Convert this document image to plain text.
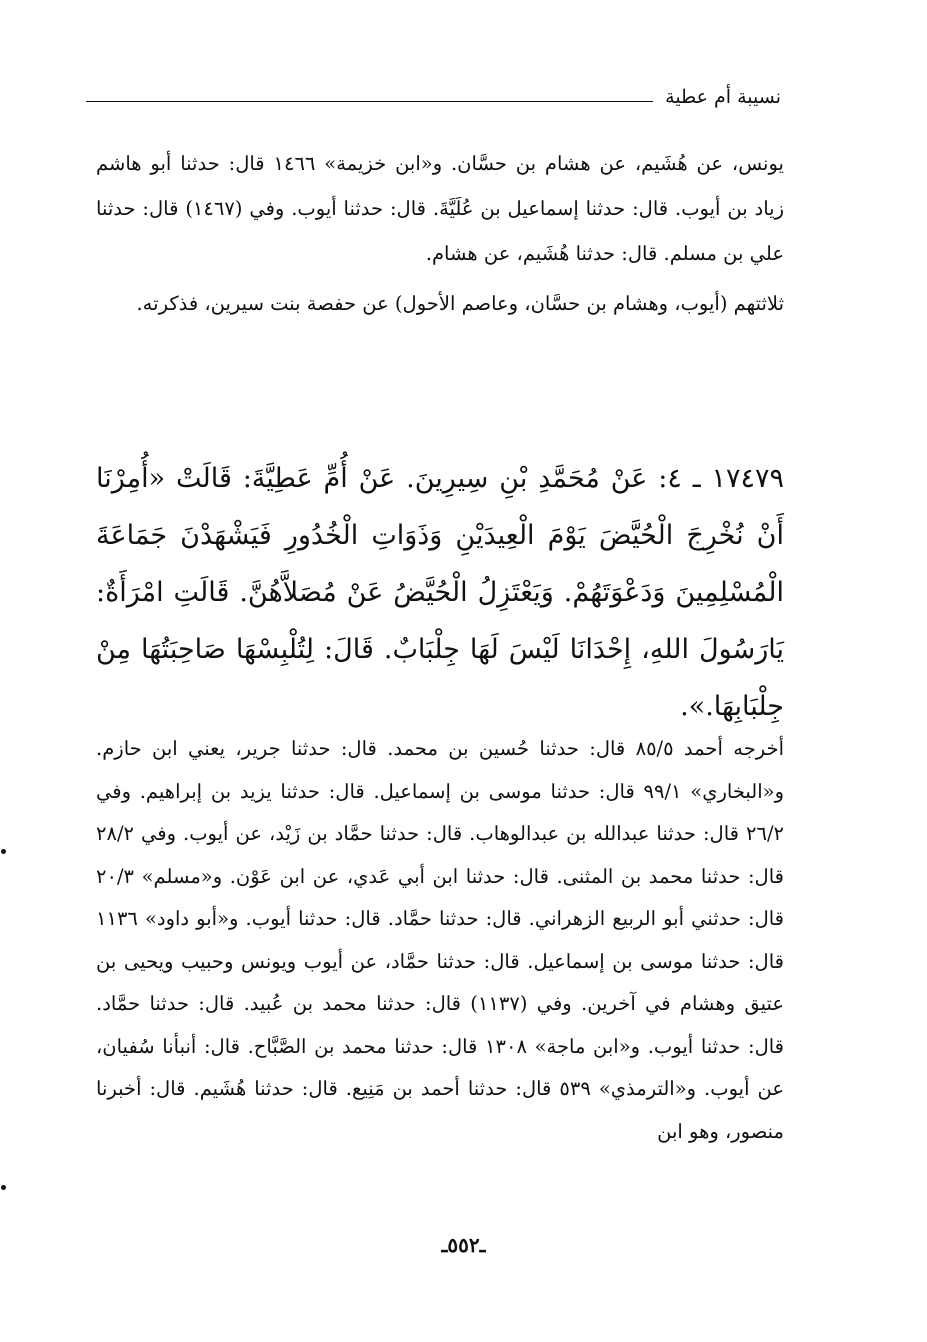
نسيبة أم عطية

يونس، عن هُشَيم، عن هشام بن حسَّان. و«ابن خزيمة» ١٤٦٦ قال: حدثنا أبو هاشم زياد بن أيوب. قال: حدثنا إسماعيل بن عُلَيَّةَ. قال: حدثنا أيوب. وفي (١٤٦٧) قال: حدثنا علي بن مسلم. قال: حدثنا هُشَيم، عن هشام.

ثلاثتهم (أيوب، وهشام بن حسَّان، وعاصم الأحول) عن حفصة بنت سيرين، فذكرته.

١٧٤٧٩ ـ ٤: عَنْ مُحَمَّدِ بْنِ سِيرِينَ. عَنْ أُمِّ عَطِيَّةَ: قَالَتْ «أُمِرْنَا أَنْ نُخْرِجَ الْحُيَّضَ يَوْمَ الْعِيدَيْنِ وَذَوَاتِ الْخُدُورِ فَيَشْهَدْنَ جَمَاعَةَ الْمُسْلِمِينَ وَدَعْوَتَهُمْ. وَيَعْتَزِلُ الْحُيَّضُ عَنْ مُصَلاَّهُنَّ. قَالَتِ امْرَأَةٌ: يَارَسُولَ اللهِ، إِحْدَانَا لَيْسَ لَهَا جِلْبَابٌ. قَالَ: لِتُلْبِسْهَا صَاحِبَتُهَا مِنْ جِلْبَابِهَا.».

أخرجه أحمد ٨٥/٥ قال: حدثنا حُسين بن محمد. قال: حدثنا جرير، يعني ابن حازم. و«البخاري» ٩٩/١ قال: حدثنا موسى بن إسماعيل. قال: حدثنا يزيد بن إبراهيم. وفي ٢٦/٢ قال: حدثنا عبدالله بن عبدالوهاب. قال: حدثنا حمَّاد بن زَيْد، عن أيوب. وفي ٢٨/٢ قال: حدثنا محمد بن المثنى. قال: حدثنا ابن أبي عَدي، عن ابن عَوْن. و«مسلم» ٢٠/٣ قال: حدثني أبو الربيع الزهراني. قال: حدثنا حمَّاد. قال: حدثنا أيوب. و«أبو داود» ١١٣٦ قال: حدثنا موسى بن إسماعيل. قال: حدثنا حمَّاد، عن أيوب ويونس وحبيب ويحيى بن عتيق وهشام في آخرين. وفي (١١٣٧) قال: حدثنا محمد بن عُبيد. قال: حدثنا حمَّاد. قال: حدثنا أيوب. و«ابن ماجة» ١٣٠٨ قال: حدثنا محمد بن الصَّبَّاح. قال: أنبأنا سُفيان، عن أيوب. و«الترمذي» ٥٣٩ قال: حدثنا أحمد بن مَنِيع. قال: حدثنا هُشَيم. قال: أخبرنا منصور، وهو ابن

ـ٥٥٢ـ
